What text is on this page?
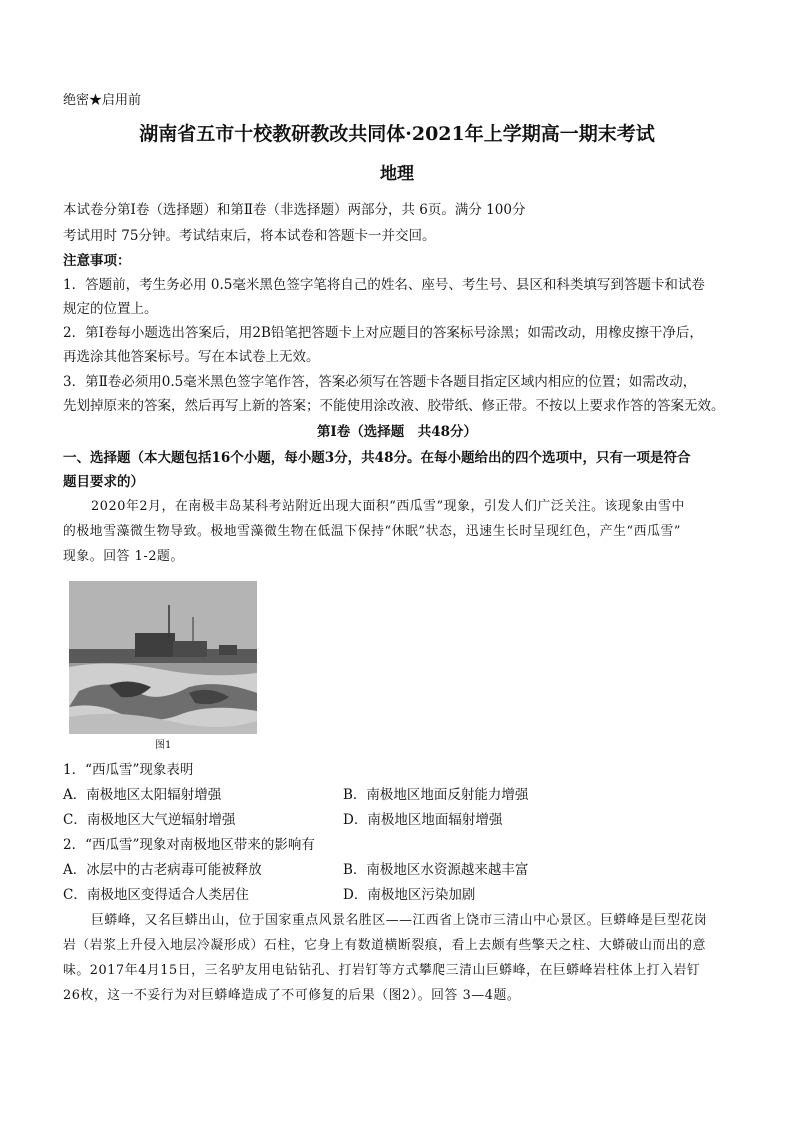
绝密★启用前
湖南省五市十校教研教改共同体·2021年上学期高一期末考试
地理
本试卷分第Ⅰ卷（选择题）和第Ⅱ卷（非选择题）两部分，共 6页。满分 100分
考试用时 75分钟。考试结束后，将本试卷和答题卡一并交回。
注意事项：
1．答题前，考生务必用 0.5毫米黑色签字笔将自己的姓名、座号、考生号、县区和科类填写到答题卡和试卷
规定的位置上。
2．第Ⅰ卷每小题选出答案后，用2B铅笔把答题卡上对应题目的答案标号涂黑；如需改动，用橡皮擦干净后，
再选涂其他答案标号。写在本试卷上无效。
3．第Ⅱ卷必须用0.5毫米黑色签字笔作答，答案必须写在答题卡各题目指定区域内相应的位置；如需改动，
先划掉原来的答案，然后再写上新的答案；不能使用涂改液、胶带纸、修正带。不按以上要求作答的答案无效。
第Ⅰ卷（选择题　共48分）
一、选择题（本大题包括16个小题，每小题3分，共48分。在每小题给出的四个选项中，只有一项是符合
题目要求的）
2020年2月，在南极丰岛某科考站附近出现大面积“西瓜雪”现象，引发人们广泛关注。该现象由雪中
的极地雪藻微生物导致。极地雪藻微生物在低温下保持“休眠”状态，迅速生长时呈现红色，产生“西瓜雪”
现象。回答 1-2题。
图1
1．“西瓜雪”现象表明
A．南极地区太阳辐射增强	B．南极地区地面反射能力增强
C．南极地区大气逆辐射增强	D．南极地区地面辐射增强
2．“西瓜雪”现象对南极地区带来的影响有
A．冰层中的古老病毒可能被释放	B．南极地区水资源越来越丰富
C．南极地区变得适合人类居住	D．南极地区污染加剧
巨蟒峰，又名巨蟒出山，位于国家重点风景名胜区——江西省上饶市三清山中心景区。巨蟒峰是巨型花岗
岩（岩浆上升侵入地层冷凝形成）石柱，它身上有数道横断裂痕，看上去颇有些擎天之柱、大蟒破山而出的意
味。2017年4月15日，三名驴友用电钻钻孔、打岩钉等方式攀爬三清山巨蟒峰，在巨蟒峰岩柱体上打入岩钉
26枚，这一不妥行为对巨蟒峰造成了不可修复的后果（图2）。回答 3—4题。
